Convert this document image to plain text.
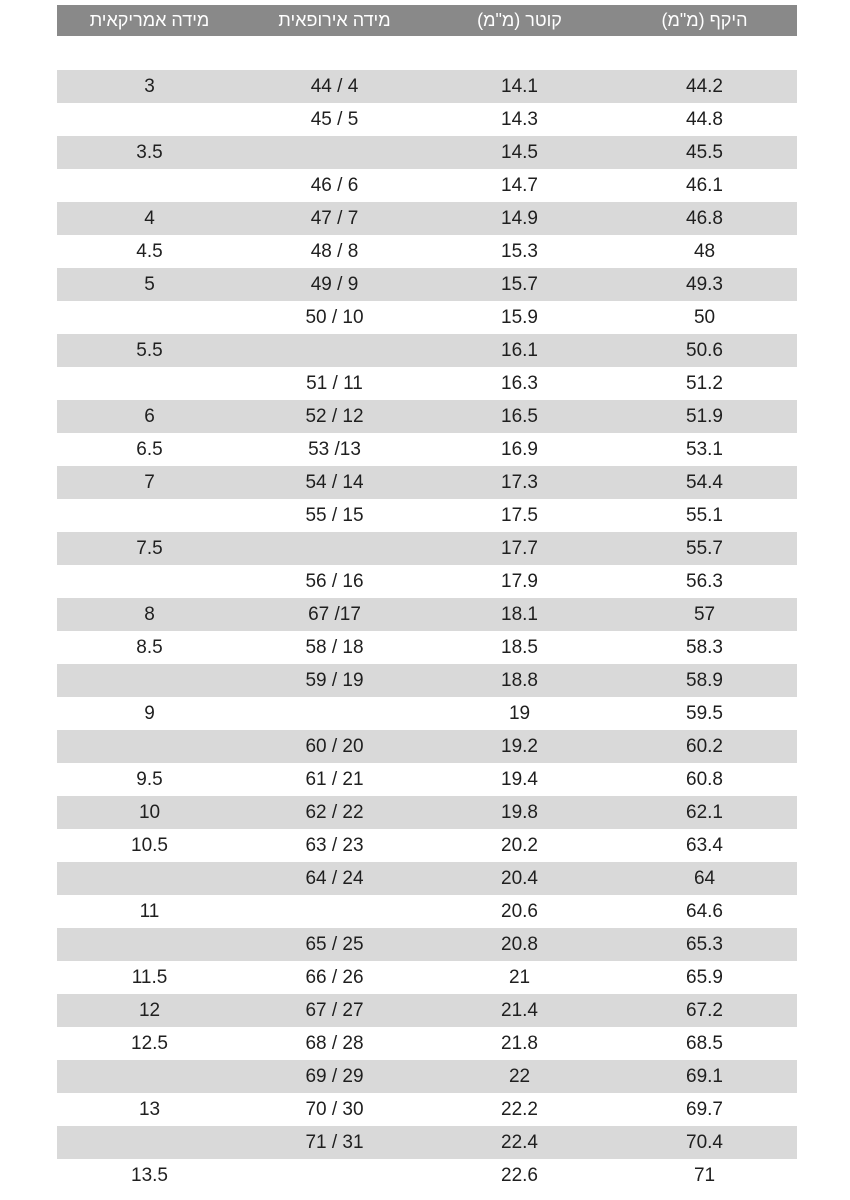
היקף (מ"מ)
קוטר (מ"מ)
מידה אירופאית
מידה אמריקאית
44.2
14.1
4 / 44
3
44.8
14.3
5 / 45
45.5
14.5
3.5
46.1
14.7
6 / 46
46.8
14.9
7 / 47
4
48
15.3
8 / 48
4.5
49.3
15.7
9 / 49
5
50
15.9
10 / 50
50.6
16.1
5.5
51.2
16.3
11 / 51
51.9
16.5
12 / 52
6
53.1
16.9
13/ 53
6.5
54.4
17.3
14 / 54
7
55.1
17.5
15 / 55
55.7
17.7
7.5
56.3
17.9
16 / 56
57
18.1
17/ 67
8
58.3
18.5
18 / 58
8.5
58.9
18.8
19 / 59
59.5
19
9
60.2
19.2
20 / 60
60.8
19.4
21 / 61
9.5
62.1
19.8
22 / 62
10
63.4
20.2
23 / 63
10.5
64
20.4
24 / 64
64.6
20.6
11
65.3
20.8
25 / 65
65.9
21
26 / 66
11.5
67.2
21.4
27 / 67
12
68.5
21.8
28 / 68
12.5
69.1
22
29 / 69
69.7
22.2
30 / 70
13
70.4
22.4
31 / 71
71
22.6
13.5
